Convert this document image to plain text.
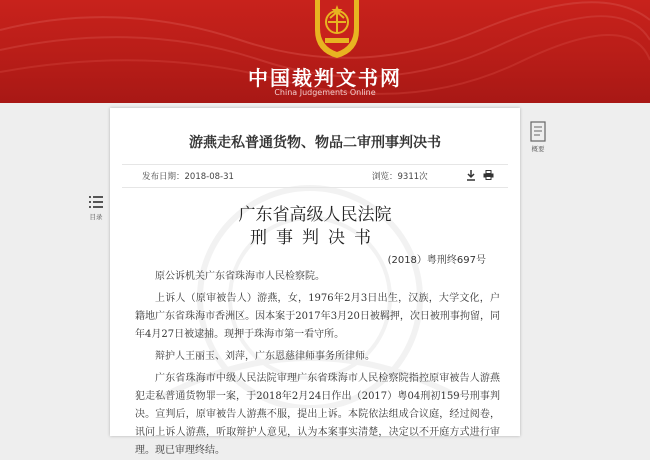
中国裁判文书网
China Judgements Online
目录
概要
游燕走私普通货物、物品二审刑事判决书
发布日期：2018-08-31	浏览：9311次
广东省高级人民法院
刑事判决书
(2018）粤刑终697号
原公诉机关广东省珠海市人民检察院。
上诉人（原审被告人）游燕，女，1976年2月3日出生，汉族，大学文化，户籍地广东省珠海市香洲区。因本案于2017年3月20日被羁押，次日被刑事拘留，同年4月27日被逮捕。现押于珠海市第一看守所。
辩护人王丽玉、刘萍，广东恩慈律师事务所律师。
广东省珠海市中级人民法院审理广东省珠海市人民检察院指控原审被告人游燕犯走私普通货物罪一案，于2018年2月24日作出（2017）粤04刑初159号刑事判决。宣判后，原审被告人游燕不服，提出上诉。本院依法组成合议庭，经过阅卷，讯问上诉人游燕，听取辩护人意见，认为本案事实清楚，决定以不开庭方式进行审理。现已审理终结。
